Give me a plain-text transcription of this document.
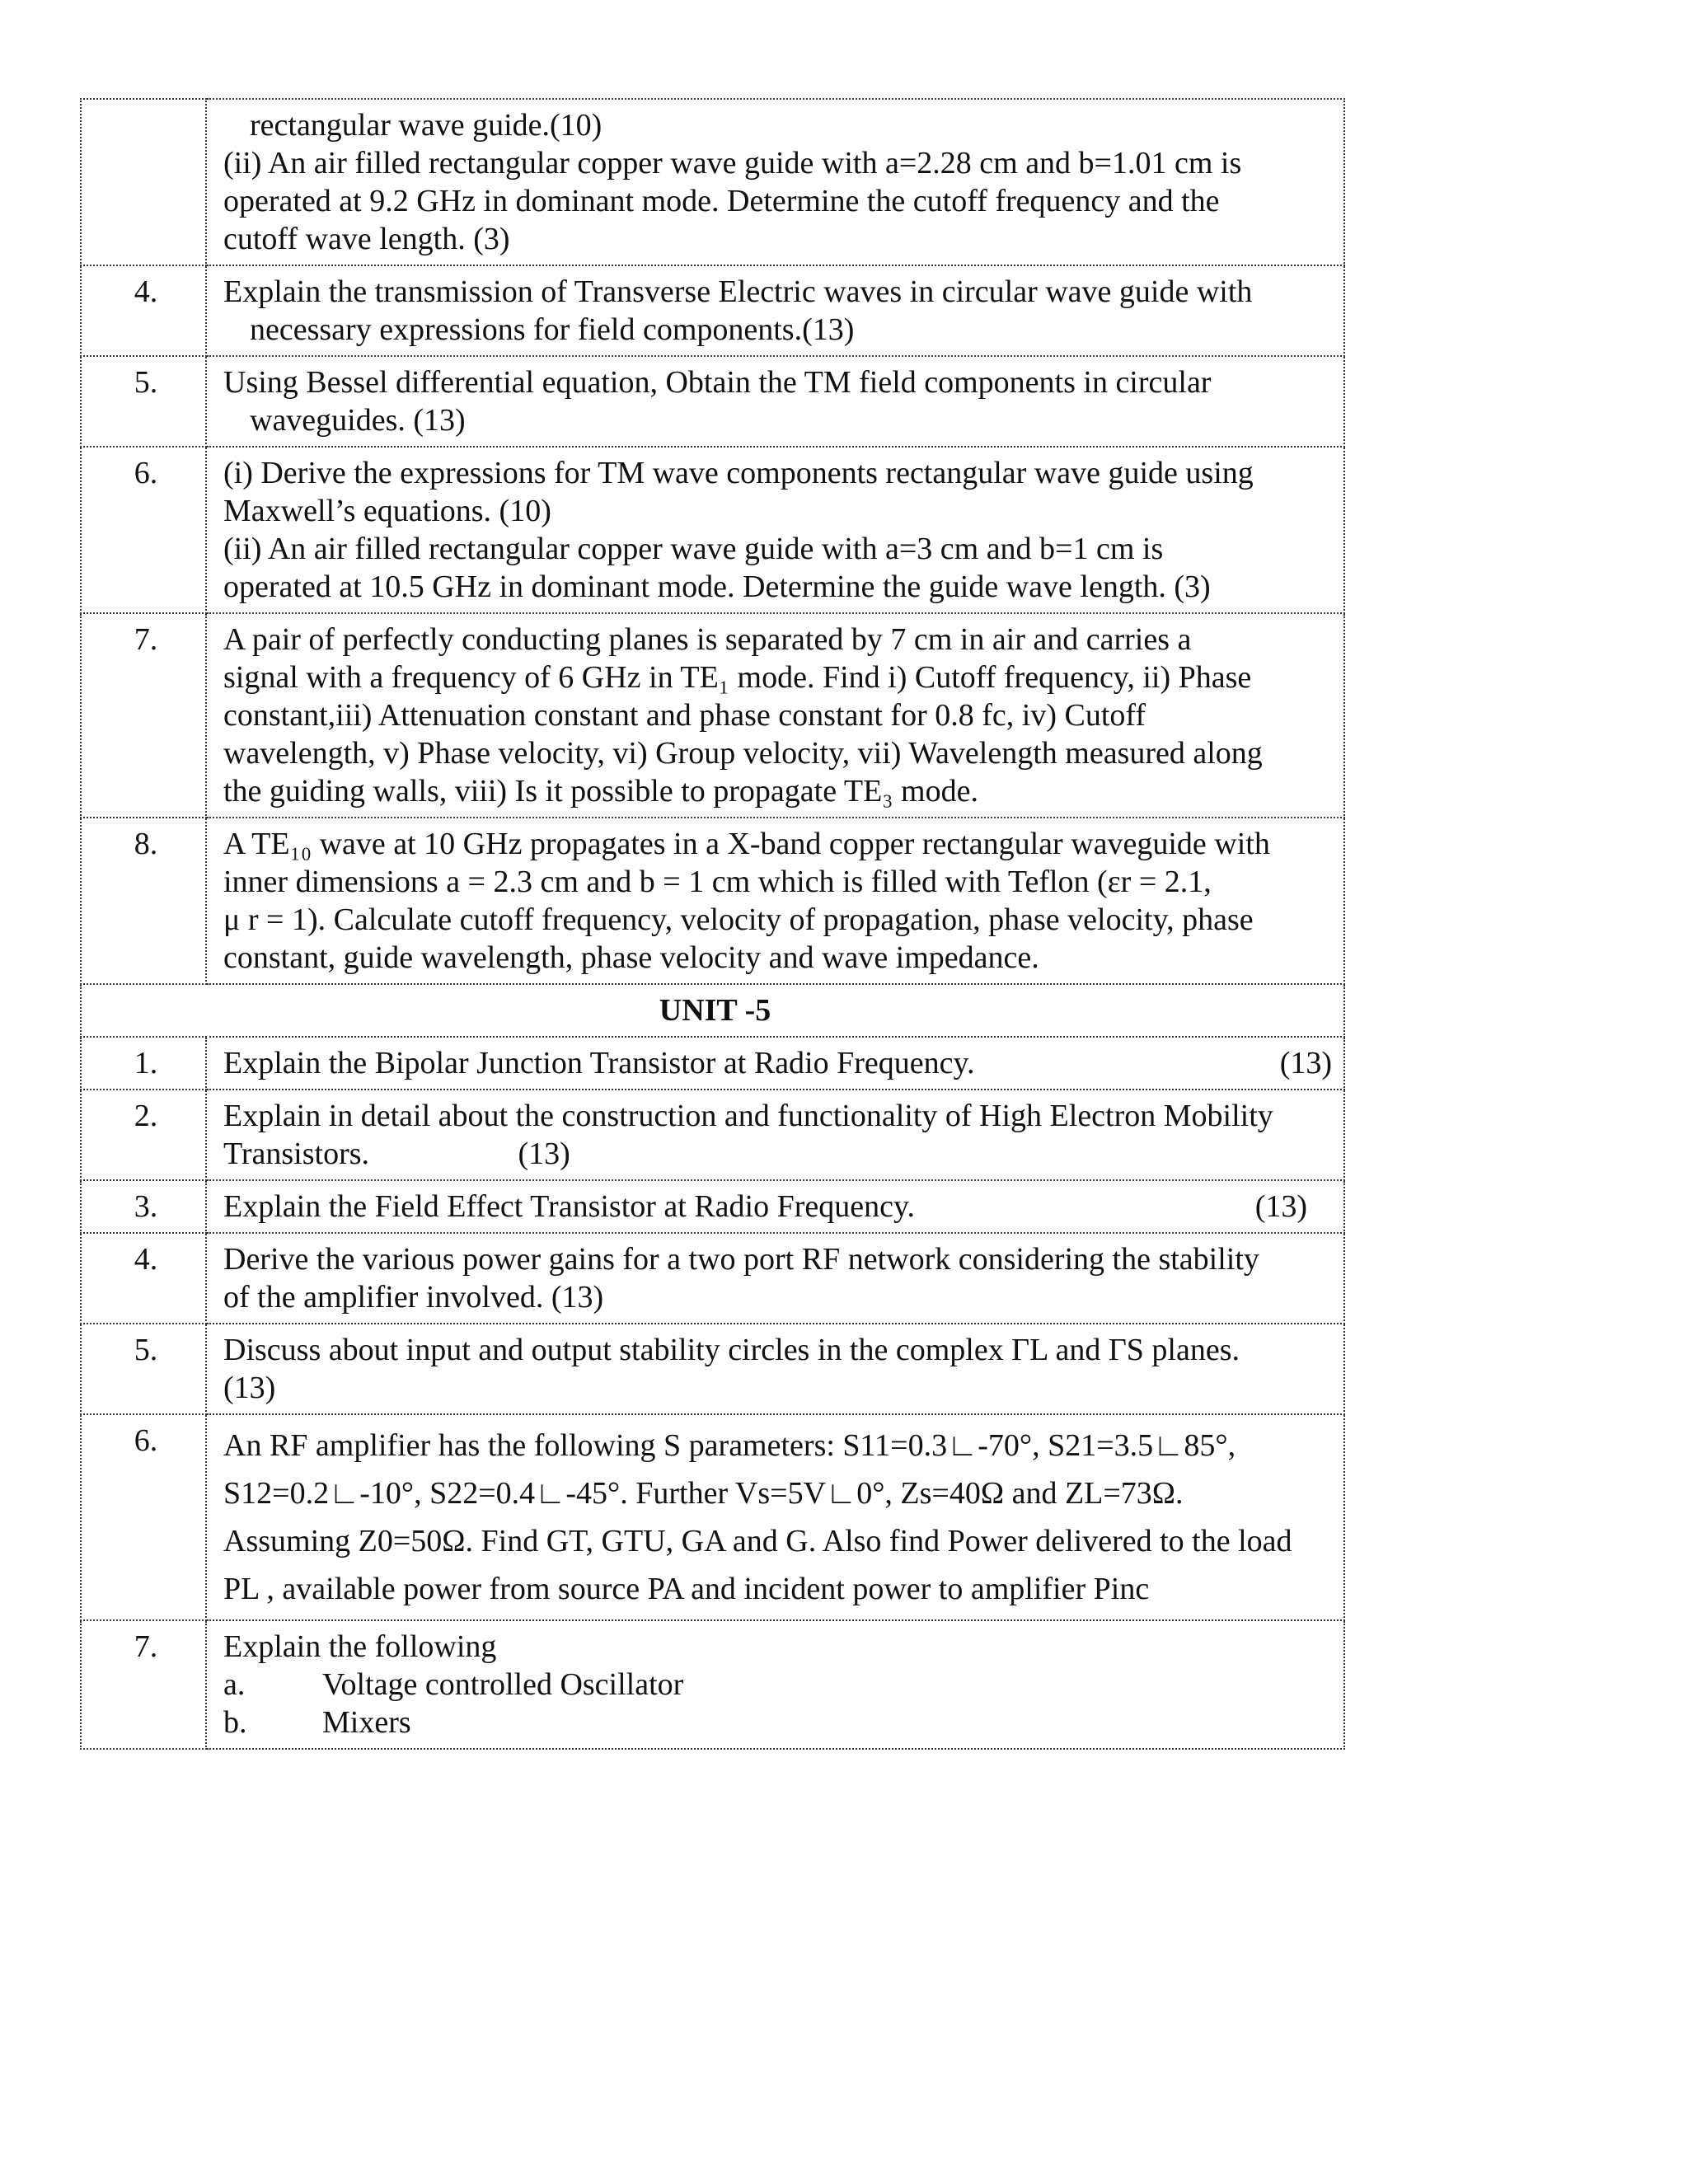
	rectangular wave guide.(10)
(ii) An air filled rectangular copper wave guide with a=2.28 cm and b=1.01 cm is
operated at 9.2 GHz in dominant mode. Determine the cutoff frequency and the
cutoff wave length. (3)

4.	Explain the transmission of Transverse Electric waves in circular wave guide with
necessary expressions for field components.(13)

5.	Using Bessel differential equation, Obtain the TM field components in circular
waveguides. (13)

6.	(i) Derive the expressions for TM wave components rectangular wave guide using
Maxwell’s equations. (10)
(ii) An air filled rectangular copper wave guide with a=3 cm and b=1 cm is
operated at 10.5 GHz in dominant mode. Determine the guide wave length. (3)

7.	A pair of perfectly conducting planes is separated by 7 cm in air and carries a
signal with a frequency of 6 GHz in TE₁ mode. Find i) Cutoff frequency, ii) Phase
constant,iii) Attenuation constant and phase constant for 0.8 fc, iv) Cutoff
wavelength, v) Phase velocity, vi) Group velocity, vii) Wavelength measured along
the guiding walls, viii) Is it possible to propagate TE₃ mode.

8.	A TE₁₀ wave at 10 GHz propagates in a X-band copper rectangular waveguide with
inner dimensions a = 2.3 cm and b = 1 cm which is filled with Teflon (εr = 2.1,
μ r = 1). Calculate cutoff frequency, velocity of propagation, phase velocity, phase
constant, guide wavelength, phase velocity and wave impedance.

UNIT -5	
1.	Explain the Bipolar Junction Transistor at Radio Frequency. (13)

2.	Explain in detail about the construction and functionality of High Electron Mobility
Transistors.                   (13)

3.	Explain the Field Effect Transistor at Radio Frequency. (13)

4.	Derive the various power gains for a two port RF network considering the stability
of the amplifier involved. (13)

5.	Discuss about input and output stability circles in the complex ΓL and ΓS planes.
(13)

6.	An RF amplifier has the following S parameters: S11=0.3∟-70°, S21=3.5∟85°,
S12=0.2∟-10°, S22=0.4∟-45°. Further Vs=5V∟0°, Zs=40Ω and ZL=73Ω.
Assuming Z0=50Ω. Find GT, GTU, GA and G. Also find Power delivered to the load
PL , available power from source PA and incident power to amplifier Pinc

7.	Explain the following
a. Voltage controlled Oscillator
b. Mixers
